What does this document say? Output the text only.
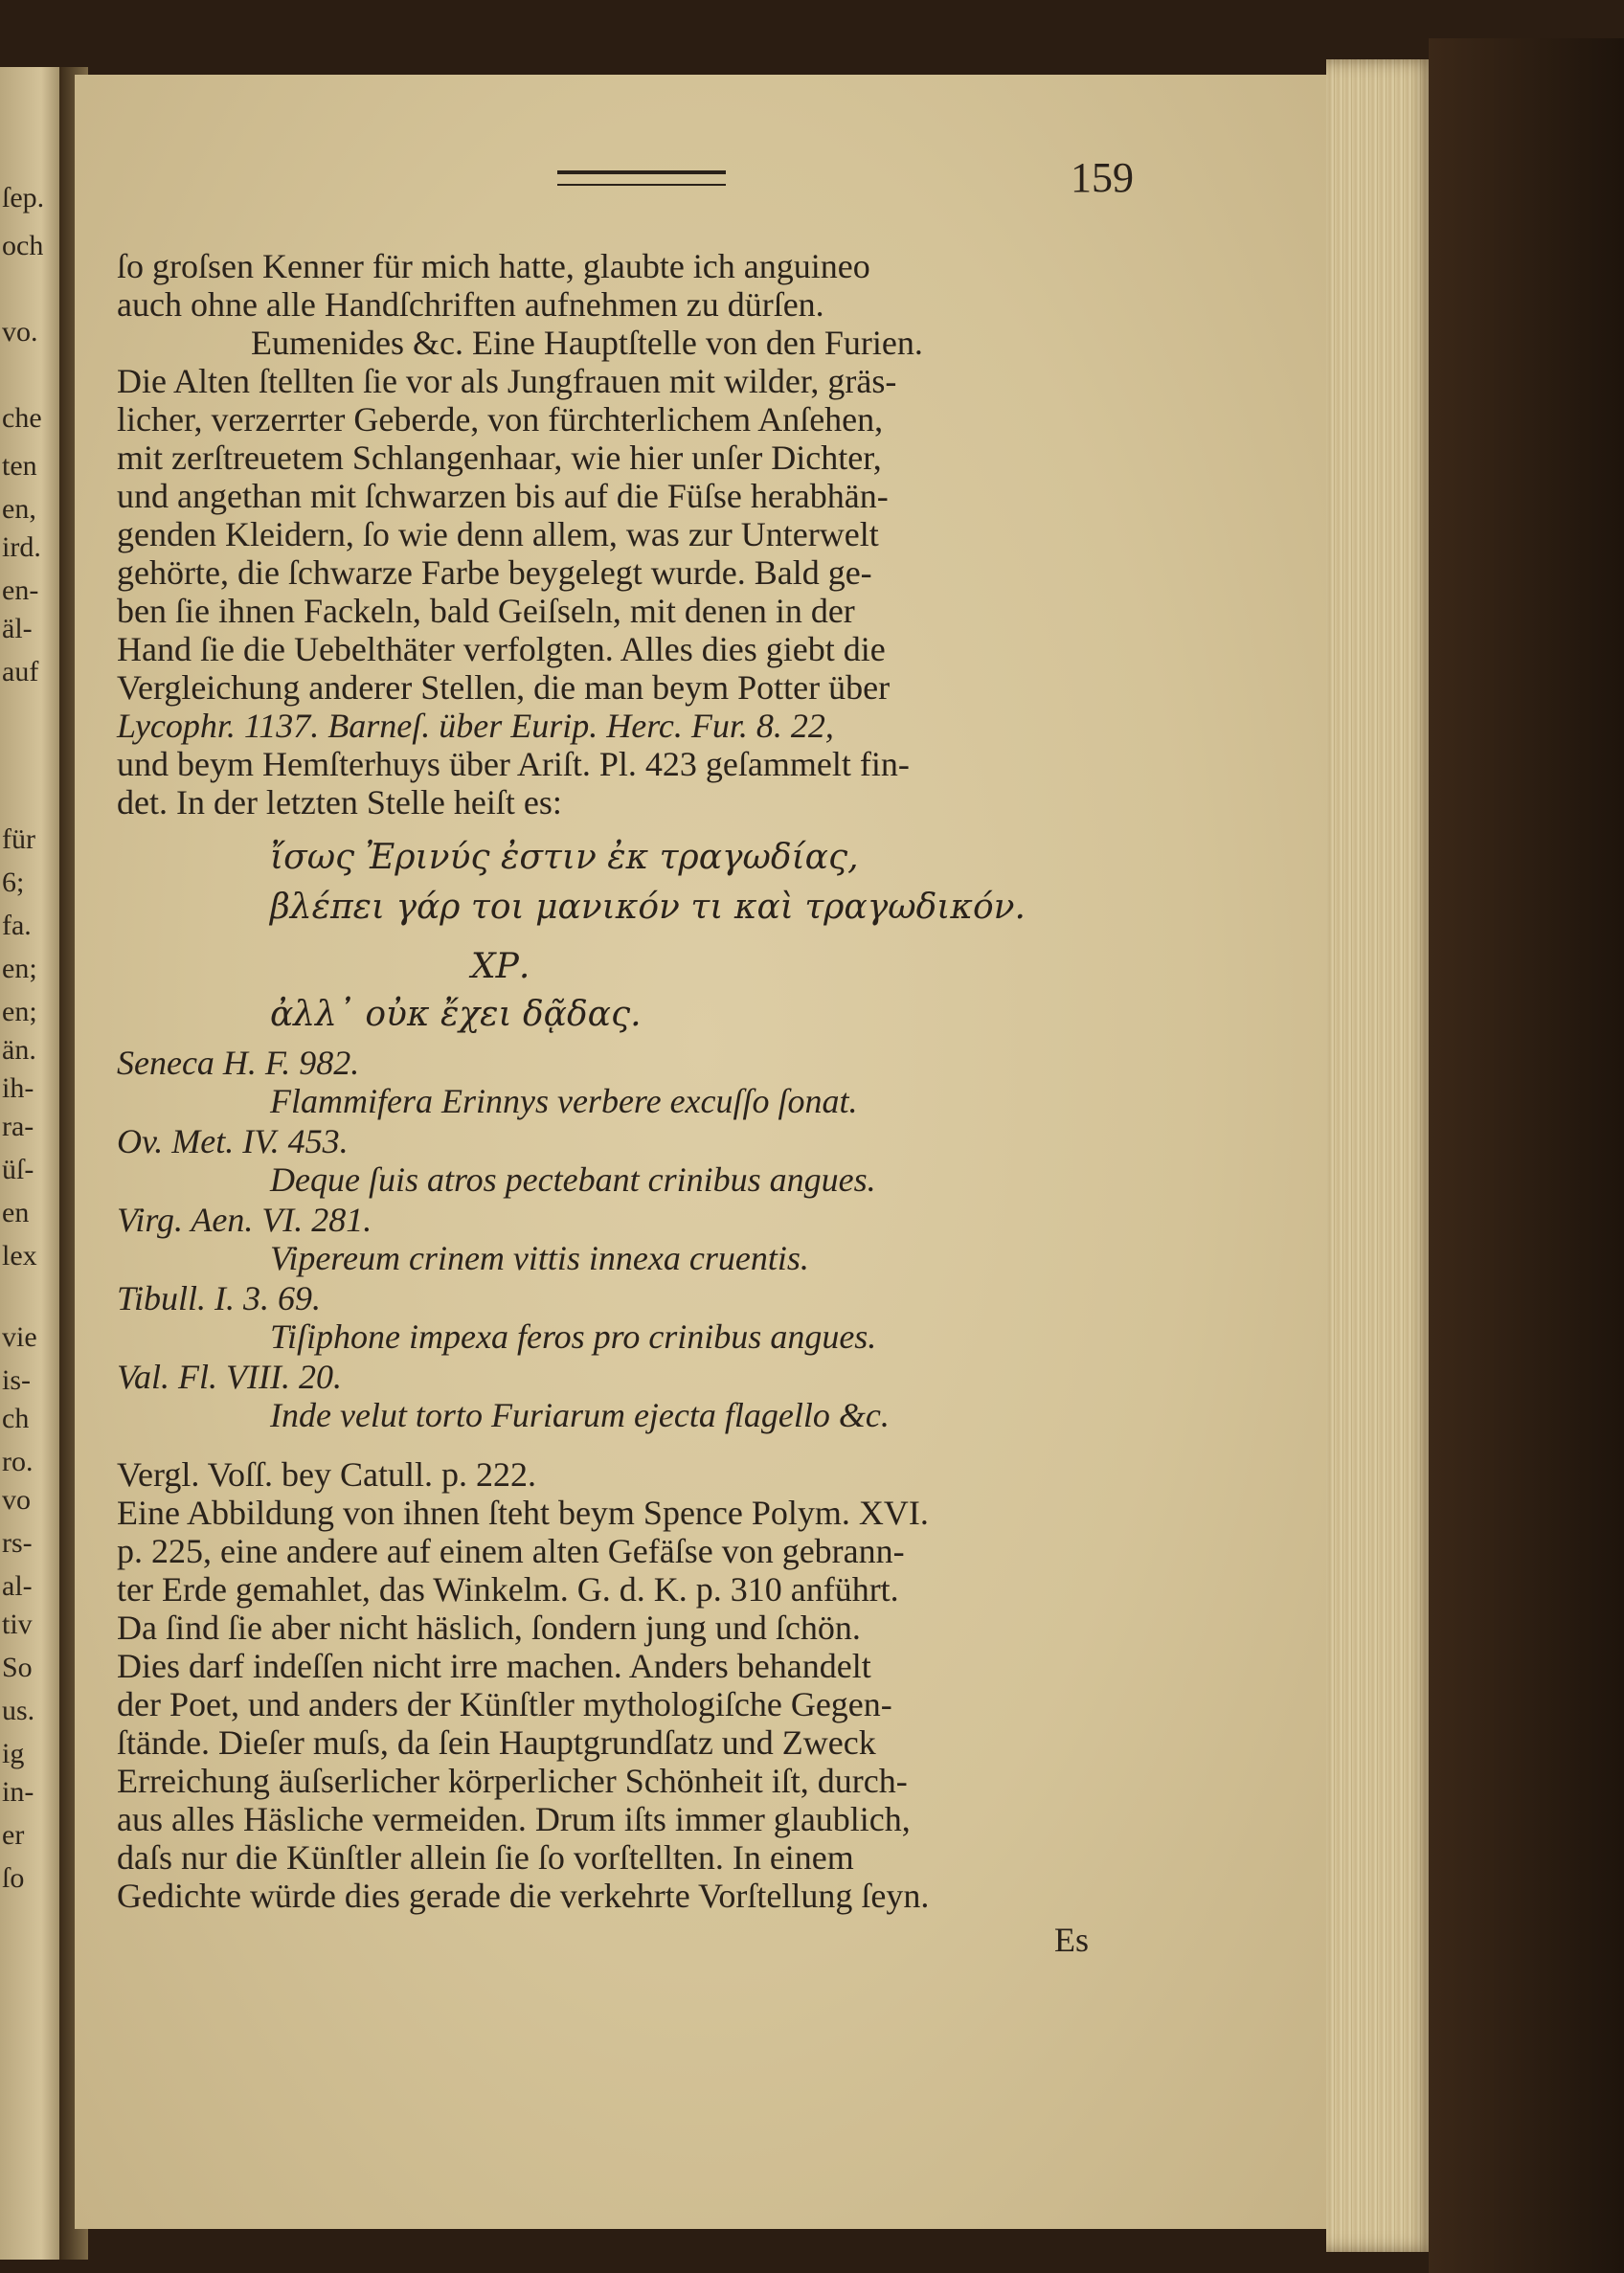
ſep.
och
vo.
che
ten
en,
ird.
en-
äl-
auf
für
6;
fa.
en;
en;
än.
ih-
ra-
üſ-
en
lex
vie
is-
ch
ro.
vo
rs-
al-
tiv
So
us.
ig
in-
er
ſo
159
ſo groſsen Kenner für mich hatte, glaubte ich anguineo
auch ohne alle Handſchriften aufnehmen zu dürſen.
Eumenides &c. Eine Hauptſtelle von den Furien.
Die Alten ſtellten ſie vor als Jungfrauen mit wilder, gräs-
licher, verzerrter Geberde, von fürchterlichem Anſehen,
mit zerſtreuetem Schlangenhaar, wie hier unſer Dichter,
und angethan mit ſchwarzen bis auf die Füſse herabhän-
genden Kleidern, ſo wie denn allem, was zur Unterwelt
gehörte, die ſchwarze Farbe beygelegt wurde. Bald ge-
ben ſie ihnen Fackeln, bald Geiſseln, mit denen in der
Hand ſie die Uebelthäter verfolgten. Alles dies giebt die
Vergleichung anderer Stellen, die man beym Potter über
Lycophr. 1137. Barneſ. über Eurip. Herc. Fur. 8. 22,
und beym Hemſterhuys über Ariſt. Pl. 423 geſammelt fin-
det. In der letzten Stelle heiſt es:
ἴσως Ἐρινύς ἐστιν ἐκ τραγωδίας,
βλέπει γάρ τοι μανικόν τι καὶ τραγωδικόν.
ΧΡ.
ἀλλ᾽ οὐκ ἔχει δᾷδας.
Seneca H. F. 982.
Flammifera Erinnys verbere excuſſo ſonat.
Ov. Met. IV. 453.
Deque ſuis atros pectebant crinibus angues.
Virg. Aen. VI. 281.
Vipereum crinem vittis innexa cruentis.
Tibull. I. 3. 69.
Tiſiphone impexa feros pro crinibus angues.
Val. Fl. VIII. 20.
Inde velut torto Furiarum ejecta flagello &c.
Vergl. Voſſ. bey Catull. p. 222.
Eine Abbildung von ihnen ſteht beym Spence Polym. XVI.
p. 225, eine andere auf einem alten Gefäſse von gebrann-
ter Erde gemahlet, das Winkelm. G. d. K. p. 310 anführt.
Da ſind ſie aber nicht häslich, ſondern jung und ſchön.
Dies darf indeſſen nicht irre machen. Anders behandelt
der Poet, und anders der Künſtler mythologiſche Gegen-
ſtände. Dieſer muſs, da ſein Hauptgrundſatz und Zweck
Erreichung äuſserlicher körperlicher Schönheit iſt, durch-
aus alles Häsliche vermeiden. Drum iſts immer glaublich,
daſs nur die Künſtler allein ſie ſo vorſtellten. In einem
Gedichte würde dies gerade die verkehrte Vorſtellung ſeyn.
Es
